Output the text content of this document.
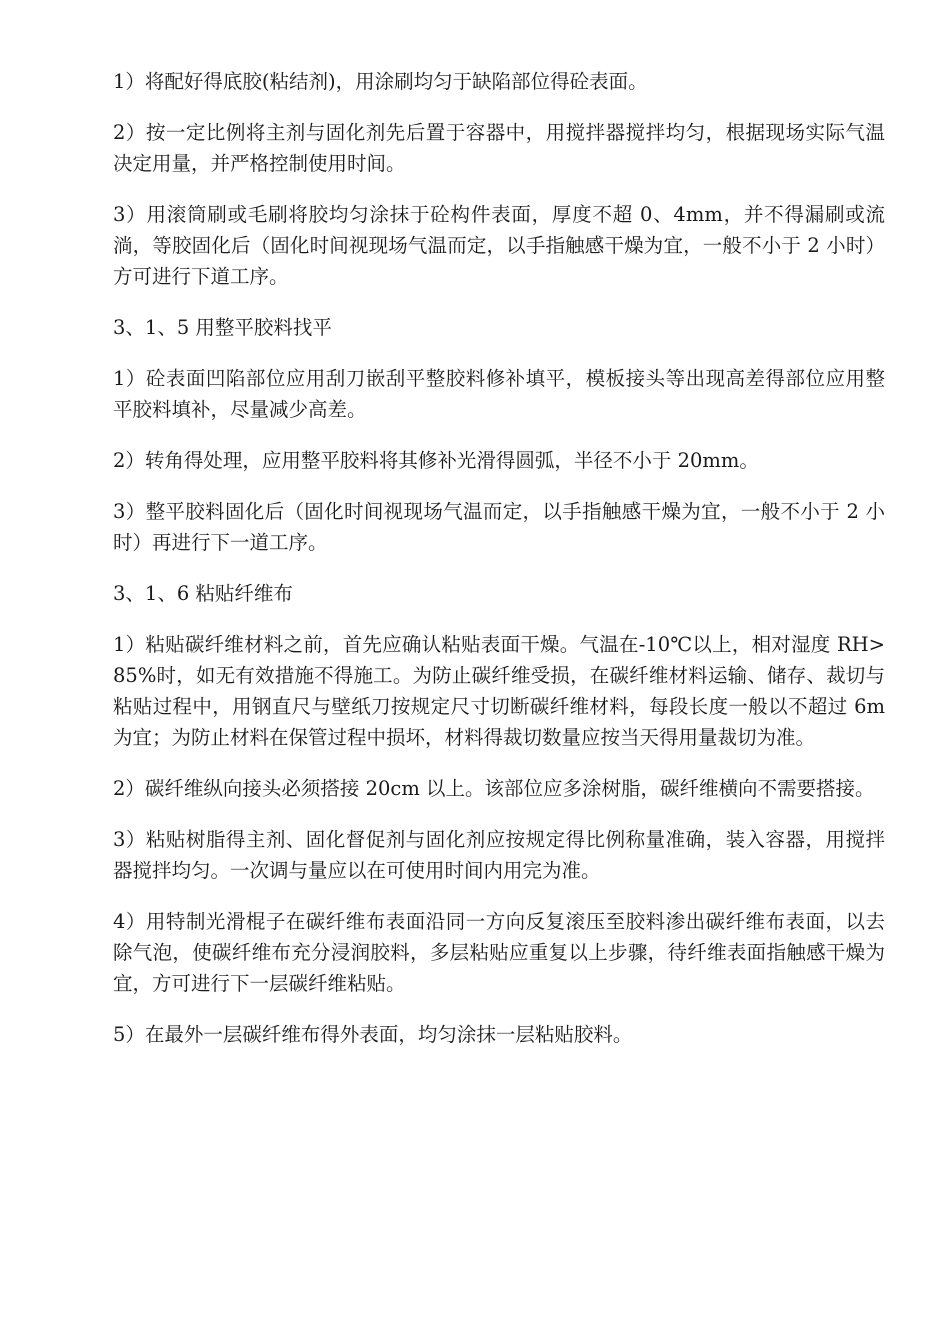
1）将配好得底胶(粘结剂)，用涂刷均匀于缺陷部位得砼表面。

2）按一定比例将主剂与固化剂先后置于容器中，用搅拌器搅拌均匀，根据现场实际气温决定用量，并严格控制使用时间。

3）用滚筒刷或毛刷将胶均匀涂抹于砼构件表面，厚度不超 0、4mm，并不得漏刷或流淌，等胶固化后（固化时间视现场气温而定，以手指触感干燥为宜，一般不小于 2 小时）方可进行下道工序。

3、1、5 用整平胶料找平

1）砼表面凹陷部位应用刮刀嵌刮平整胶料修补填平，模板接头等出现高差得部位应用整平胶料填补，尽量减少高差。

2）转角得处理，应用整平胶料将其修补光滑得圆弧，半径不小于 20mm。

3）整平胶料固化后（固化时间视现场气温而定，以手指触感干燥为宜，一般不小于 2 小时）再进行下一道工序。

3、1、6 粘贴纤维布

1）粘贴碳纤维材料之前，首先应确认粘贴表面干燥。气温在-10℃以上，相对湿度 RH>85%时，如无有效措施不得施工。为防止碳纤维受损，在碳纤维材料运输、储存、裁切与粘贴过程中，用钢直尺与壁纸刀按规定尺寸切断碳纤维材料，每段长度一般以不超过 6m 为宜；为防止材料在保管过程中损坏，材料得裁切数量应按当天得用量裁切为准。

2）碳纤维纵向接头必须搭接 20cm 以上。该部位应多涂树脂，碳纤维横向不需要搭接。

3）粘贴树脂得主剂、固化督促剂与固化剂应按规定得比例称量准确，装入容器，用搅拌器搅拌均匀。一次调与量应以在可使用时间内用完为准。

4）用特制光滑棍子在碳纤维布表面沿同一方向反复滚压至胶料渗出碳纤维布表面，以去除气泡，使碳纤维布充分浸润胶料，多层粘贴应重复以上步骤，待纤维表面指触感干燥为宜，方可进行下一层碳纤维粘贴。

5）在最外一层碳纤维布得外表面，均匀涂抹一层粘贴胶料。
